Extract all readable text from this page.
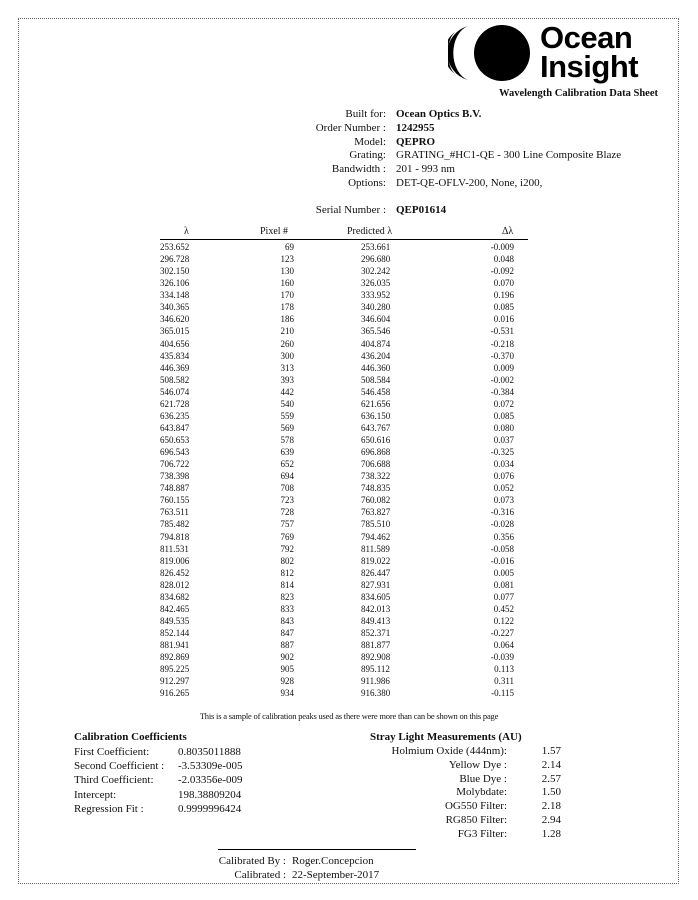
Ocean
Insight
Wavelength Calibration Data Sheet
Built for: Ocean Optics B.V.
Order Number : 1242955
Model: QEPRO
Grating: GRATING_#HC1-QE - 300 Line Composite Blaze
Bandwidth : 201 - 993 nm
Options: DET-QE-OFLV-200, None, i200,
Serial Number : QEP01614
λ	Pixel #	Predicted λ	Δλ
253.652	69	253.661	-0.009
296.728	123	296.680	0.048
302.150	130	302.242	-0.092
326.106	160	326.035	0.070
334.148	170	333.952	0.196
340.365	178	340.280	0.085
346.620	186	346.604	0.016
365.015	210	365.546	-0.531
404.656	260	404.874	-0.218
435.834	300	436.204	-0.370
446.369	313	446.360	0.009
508.582	393	508.584	-0.002
546.074	442	546.458	-0.384
621.728	540	621.656	0.072
636.235	559	636.150	0.085
643.847	569	643.767	0.080
650.653	578	650.616	0.037
696.543	639	696.868	-0.325
706.722	652	706.688	0.034
738.398	694	738.322	0.076
748.887	708	748.835	0.052
760.155	723	760.082	0.073
763.511	728	763.827	-0.316
785.482	757	785.510	-0.028
794.818	769	794.462	0.356
811.531	792	811.589	-0.058
819.006	802	819.022	-0.016
826.452	812	826.447	0.005
828.012	814	827.931	0.081
834.682	823	834.605	0.077
842.465	833	842.013	0.452
849.535	843	849.413	0.122
852.144	847	852.371	-0.227
881.941	887	881.877	0.064
892.869	902	892.908	-0.039
895.225	905	895.112	0.113
912.297	928	911.986	0.311
916.265	934	916.380	-0.115
This is a sample of calibration peaks used as there were more than can be shown on this page
Calibration Coefficients
First Coefficient:	0.8035011888
Second Coefficient : -3.53309e-005
Third Coefficient: -2.03356e-009
Intercept:	198.38809204
Regression Fit :	0.9999996424
Stray Light Measurements (AU)
Holmium Oxide (444nm):	1.57
Yellow Dye :	2.14
Blue Dye :	2.57
Molybdate:	1.50
OG550 Filter:	2.18
RG850 Filter:	2.94
FG3 Filter:	1.28
Calibrated By : Roger.Concepcion
Calibrated : 22-September-2017
